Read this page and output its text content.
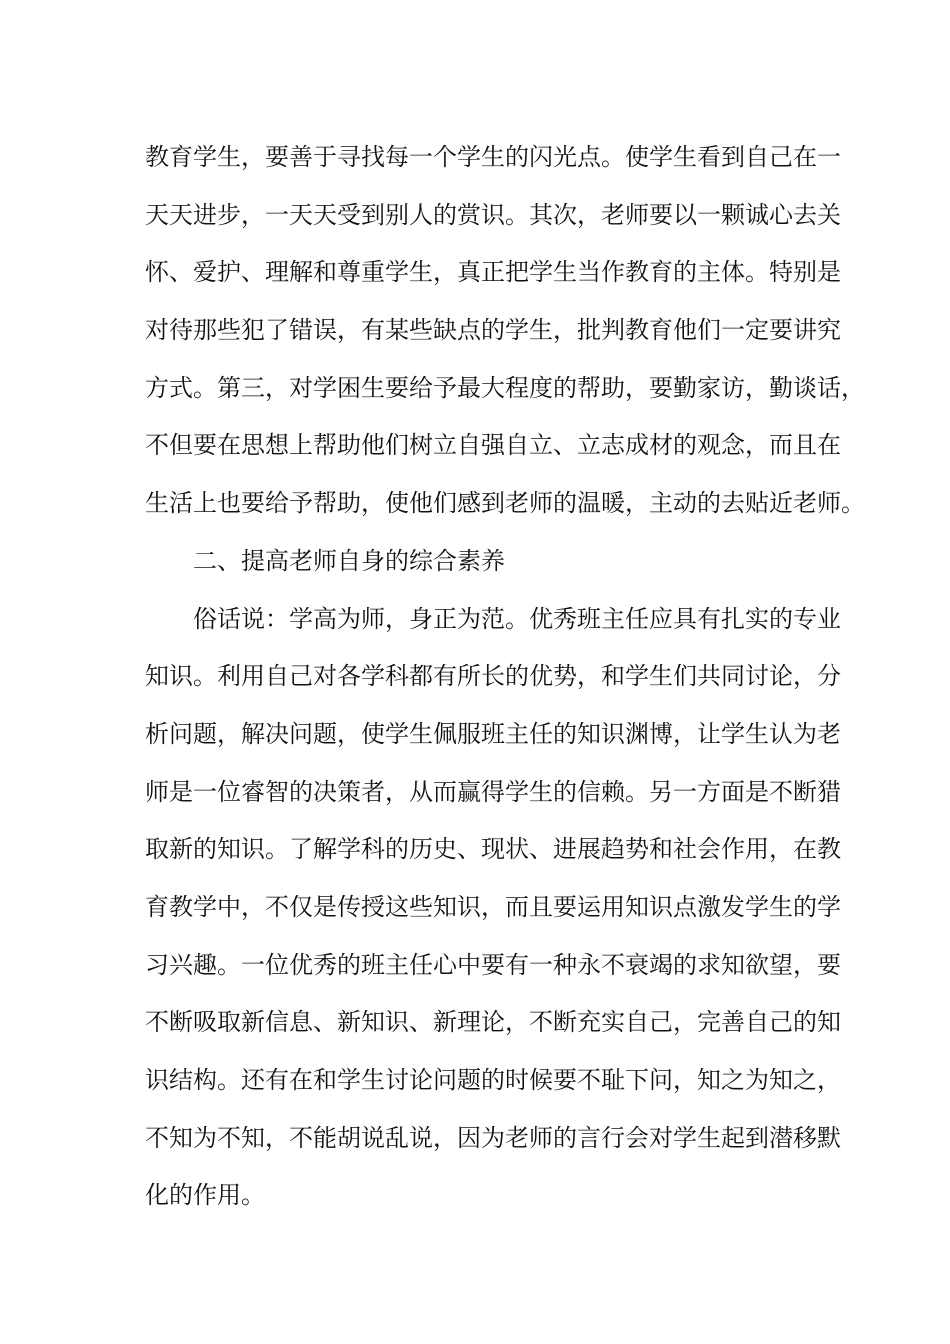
教育学生，要善于寻找每一个学生的闪光点。使学生看到自己在一
天天进步，一天天受到别人的赏识。其次，老师要以一颗诚心去关
怀、爱护、理解和尊重学生，真正把学生当作教育的主体。特别是
对待那些犯了错误，有某些缺点的学生，批判教育他们一定要讲究
方式。第三，对学困生要给予最大程度的帮助，要勤家访，勤谈话，
不但要在思想上帮助他们树立自强自立、立志成材的观念，而且在
生活上也要给予帮助，使他们感到老师的温暖，主动的去贴近老师。
二、提高老师自身的综合素养
俗话说：学高为师，身正为范。优秀班主任应具有扎实的专业
知识。利用自己对各学科都有所长的优势，和学生们共同讨论，分
析问题，解决问题，使学生佩服班主任的知识渊博，让学生认为老
师是一位睿智的决策者，从而赢得学生的信赖。另一方面是不断猎
取新的知识。了解学科的历史、现状、进展趋势和社会作用，在教
育教学中，不仅是传授这些知识，而且要运用知识点激发学生的学
习兴趣。一位优秀的班主任心中要有一种永不衰竭的求知欲望，要
不断吸取新信息、新知识、新理论，不断充实自己，完善自己的知
识结构。还有在和学生讨论问题的时候要不耻下问，知之为知之，
不知为不知，不能胡说乱说，因为老师的言行会对学生起到潜移默
化的作用。
